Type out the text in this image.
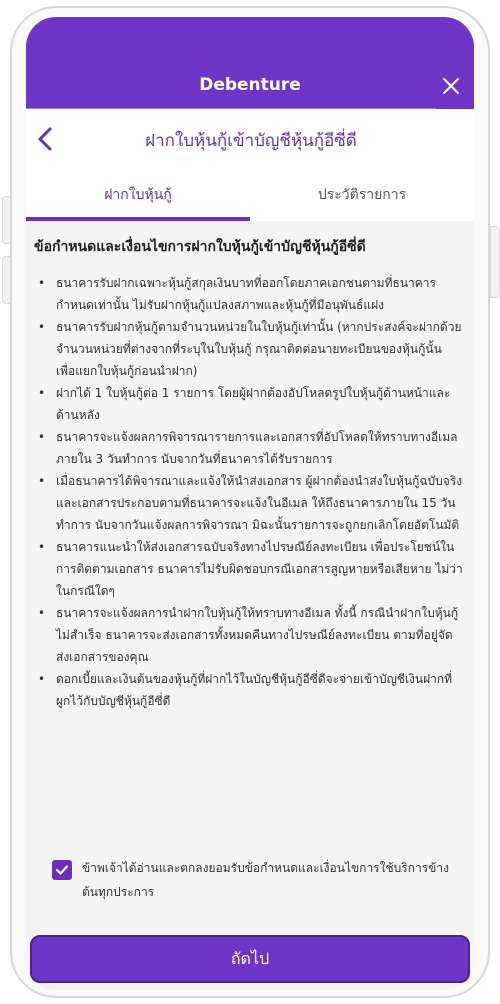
Debenture
ฝากใบหุ้นกู้เข้าบัญชีหุ้นกู้อีซี่ดี
ฝากใบหุ้นกู้	ประวัติรายการ
ข้อกำหนดและเงื่อนไขการฝากใบหุ้นกู้เข้าบัญชีหุ้นกู้อีซี่ดี
• ธนาคารรับฝากเฉพาะหุ้นกู้สกุลเงินบาทที่ออกโดยภาคเอกชนตามที่ธนาคารกำหนดเท่านั้น ไม่รับฝากหุ้นกู้แปลงสภาพและหุ้นกู้ที่มีอนุพันธ์แฝง
• ธนาคารรับฝากหุ้นกู้ตามจำนวนหน่วยในใบหุ้นกู้เท่านั้น (หากประสงค์จะฝากด้วยจำนวนหน่วยที่ต่างจากที่ระบุในใบหุ้นกู้ กรุณาติดต่อนายทะเบียนของหุ้นกู้นั้น เพื่อแยกใบหุ้นกู้ก่อนนำฝาก)
• ฝากได้ 1 ใบหุ้นกู้ต่อ 1 รายการ โดยผู้ฝากต้องอัปโหลดรูปใบหุ้นกู้ด้านหน้าและด้านหลัง
• ธนาคารจะแจ้งผลการพิจารณารายการและเอกสารที่อัปโหลดให้ทราบทางอีเมล ภายใน 3 วันทำการ นับจากวันที่ธนาคารได้รับรายการ
• เมื่อธนาคารได้พิจารณาและแจ้งให้นำส่งเอกสาร ผู้ฝากต้องนำส่งใบหุ้นกู้ฉบับจริง และเอกสารประกอบตามที่ธนาคารจะแจ้งในอีเมล ให้ถึงธนาคารภายใน 15 วันทำการ นับจากวันแจ้งผลการพิจารณา มิฉะนั้นรายการจะถูกยกเลิกโดยอัตโนมัติ
• ธนาคารแนะนำให้ส่งเอกสารฉบับจริงทางไปรษณีย์ลงทะเบียน เพื่อประโยชน์ในการติดตามเอกสาร ธนาคารไม่รับผิดชอบกรณีเอกสารสูญหายหรือเสียหาย ไม่ว่าในกรณีใดๆ
• ธนาคารจะแจ้งผลการนำฝากใบหุ้นกู้ให้ทราบทางอีเมล ทั้งนี้ กรณีนำฝากใบหุ้นกู้ไม่สำเร็จ ธนาคารจะส่งเอกสารทั้งหมดคืนทางไปรษณีย์ลงทะเบียน ตามที่อยู่จัดส่งเอกสารของคุณ
• ดอกเบี้ยและเงินต้นของหุ้นกู้ที่ฝากไว้ในบัญชีหุ้นกู้อีซี่ดีจะจ่ายเข้าบัญชีเงินฝากที่ผูกไว้กับบัญชีหุ้นกู้อีซี่ดี
ข้าพเจ้าได้อ่านและตกลงยอมรับข้อกำหนดและเงื่อนไขการใช้บริการข้างต้นทุกประการ
ถัดไป
